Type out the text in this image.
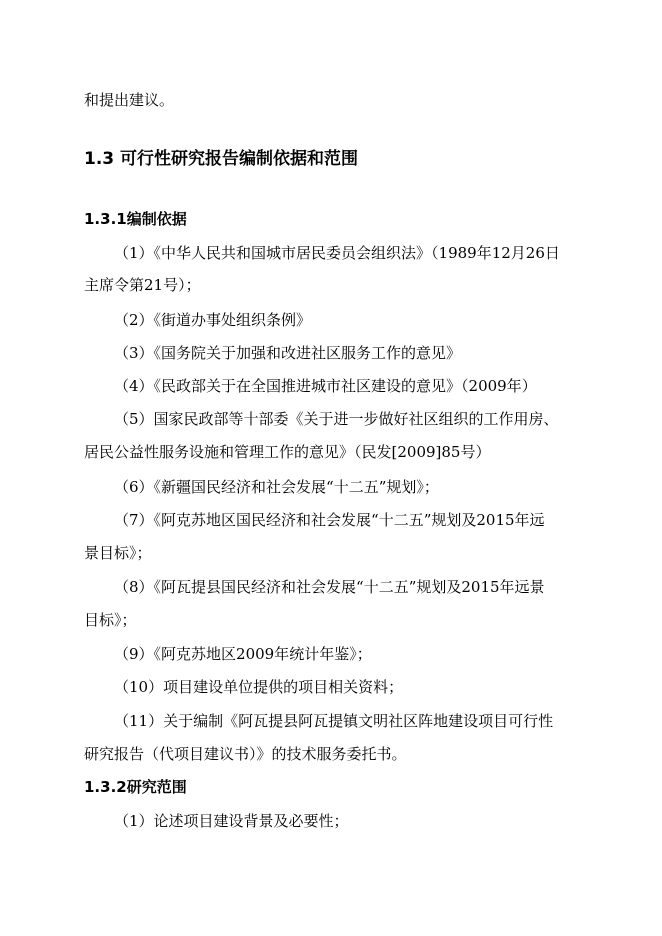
和提出建议。
1.3 可行性研究报告编制依据和范围
1.3.1编制依据
（1）《中华人民共和国城市居民委员会组织法》（1989年12月26日
主席令第21号）；
（2）《街道办事处组织条例》
（3）《国务院关于加强和改进社区服务工作的意见》
（4）《民政部关于在全国推进城市社区建设的意见》（2009年）
（5）国家民政部等十部委《关于进一步做好社区组织的工作用房、
居民公益性服务设施和管理工作的意见》（民发[2009]85号）
（6）《新疆国民经济和社会发展“十二五”规划》；
（7）《阿克苏地区国民经济和社会发展“十二五”规划及2015年远
景目标》；
（8）《阿瓦提县国民经济和社会发展“十二五”规划及2015年远景
目标》；
（9）《阿克苏地区2009年统计年鉴》；
（10）项目建设单位提供的项目相关资料；
（11）关于编制《阿瓦提县阿瓦提镇文明社区阵地建设项目可行性
研究报告（代项目建议书）》的技术服务委托书。
1.3.2研究范围
（1）论述项目建设背景及必要性；
